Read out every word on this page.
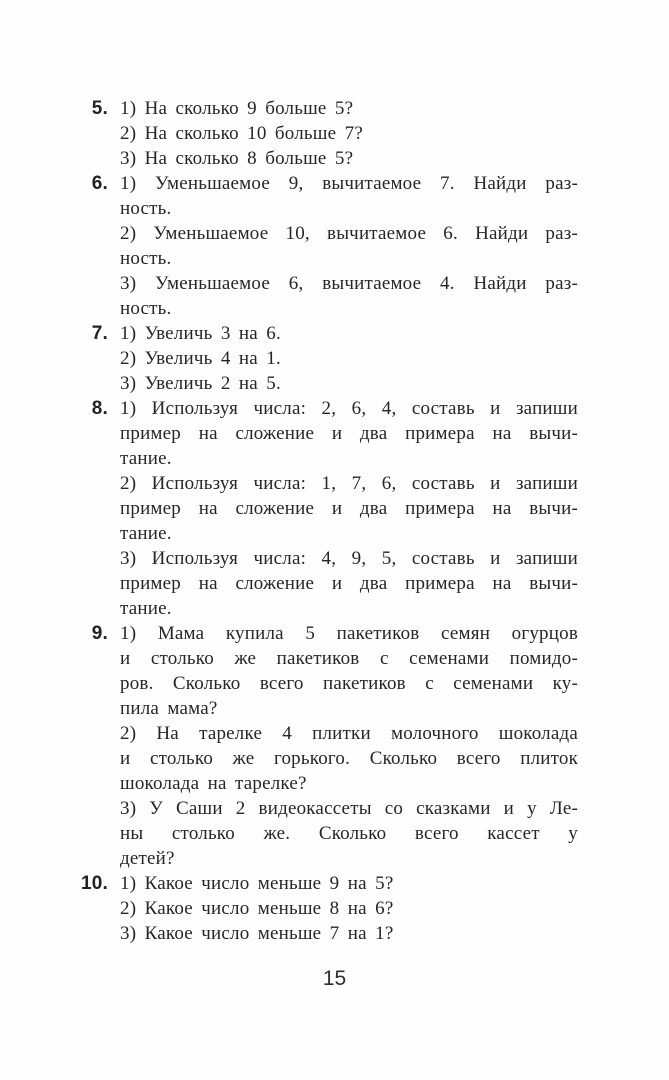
5. 1) На сколько 9 больше 5?
2) На сколько 10 больше 7?
3) На сколько 8 больше 5?
6. 1) Уменьшаемое 9, вычитаемое 7. Найди раз-
ность.
2) Уменьшаемое 10, вычитаемое 6. Найди раз-
ность.
3) Уменьшаемое 6, вычитаемое 4. Найди раз-
ность.
7. 1) Увеличь 3 на 6.
2) Увеличь 4 на 1.
3) Увеличь 2 на 5.
8. 1) Используя числа: 2, 6, 4, составь и запиши
пример на сложение и два примера на вычи-
тание.
2) Используя числа: 1, 7, 6, составь и запиши
пример на сложение и два примера на вычи-
тание.
3) Используя числа: 4, 9, 5, составь и запиши
пример на сложение и два примера на вычи-
тание.
9. 1) Мама купила 5 пакетиков семян огурцов
и столько же пакетиков с семенами помидо-
ров. Сколько всего пакетиков с семенами ку-
пила мама?
2) На тарелке 4 плитки молочного шоколада
и столько же горького. Сколько всего плиток
шоколада на тарелке?
3) У Саши 2 видеокассеты со сказками и у Ле-
ны столько же. Сколько всего кассет у
детей?
10. 1) Какое число меньше 9 на 5?
2) Какое число меньше 8 на 6?
3) Какое число меньше 7 на 1?
15
